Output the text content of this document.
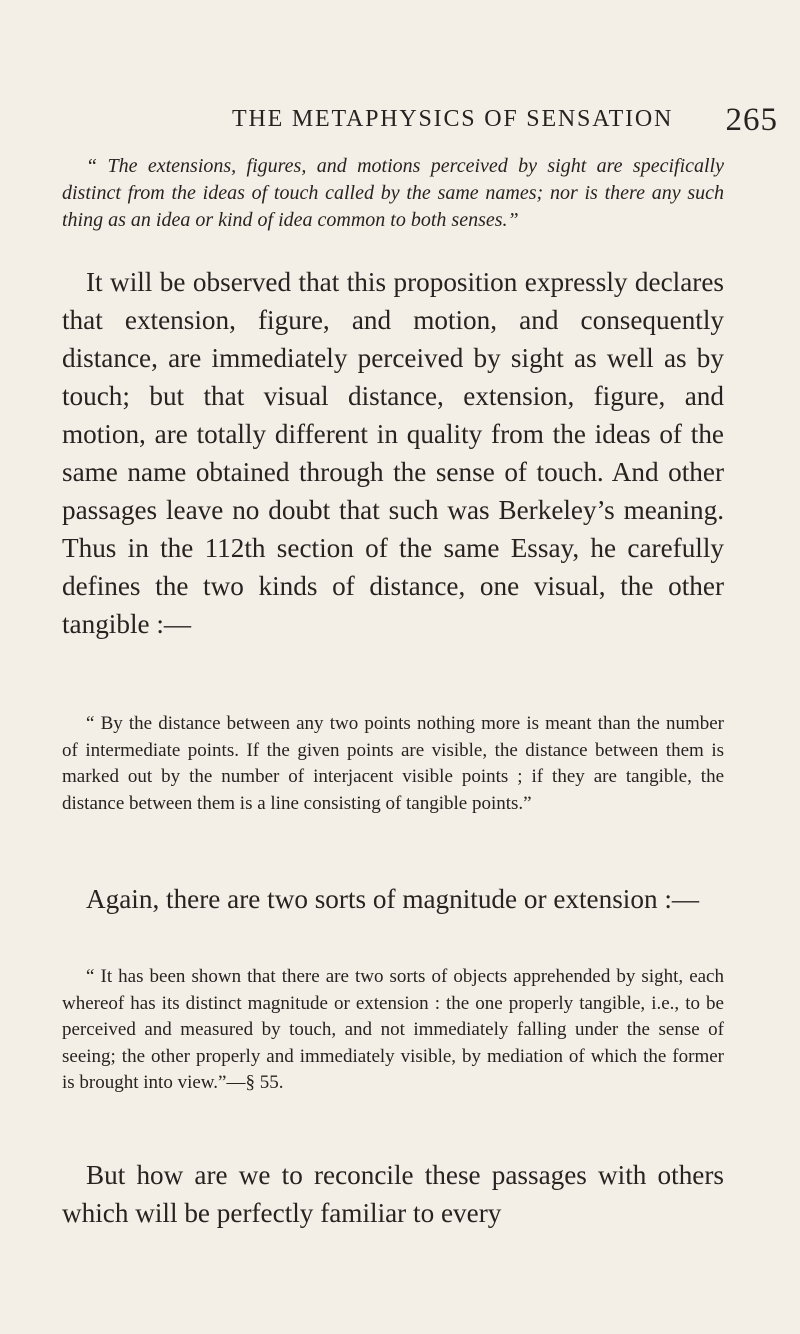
THE METAPHYSICS OF SENSATION 265

“ The extensions, figures, and motions perceived by sight are specifically distinct from the ideas of touch called by the same names; nor is there any such thing as an idea or kind of idea common to both senses.”

It will be observed that this proposition expressly declares that extension, figure, and motion, and consequently distance, are immediately perceived by sight as well as by touch; but that visual distance, extension, figure, and motion, are totally different in quality from the ideas of the same name obtained through the sense of touch. And other passages leave no doubt that such was Berkeley’s meaning. Thus in the 112th section of the same Essay, he carefully defines the two kinds of distance, one visual, the other tangible :—

“ By the distance between any two points nothing more is meant than the number of intermediate points. If the given points are visible, the distance between them is marked out by the number of interjacent visible points ; if they are tangible, the distance between them is a line consisting of tangible points.”

Again, there are two sorts of magnitude or extension :—

“ It has been shown that there are two sorts of objects apprehended by sight, each whereof has its distinct magnitude or extension : the one properly tangible, i.e., to be perceived and measured by touch, and not immediately falling under the sense of seeing; the other properly and immediately visible, by mediation of which the former is brought into view.”—§ 55.

But how are we to reconcile these passages with others which will be perfectly familiar to every
